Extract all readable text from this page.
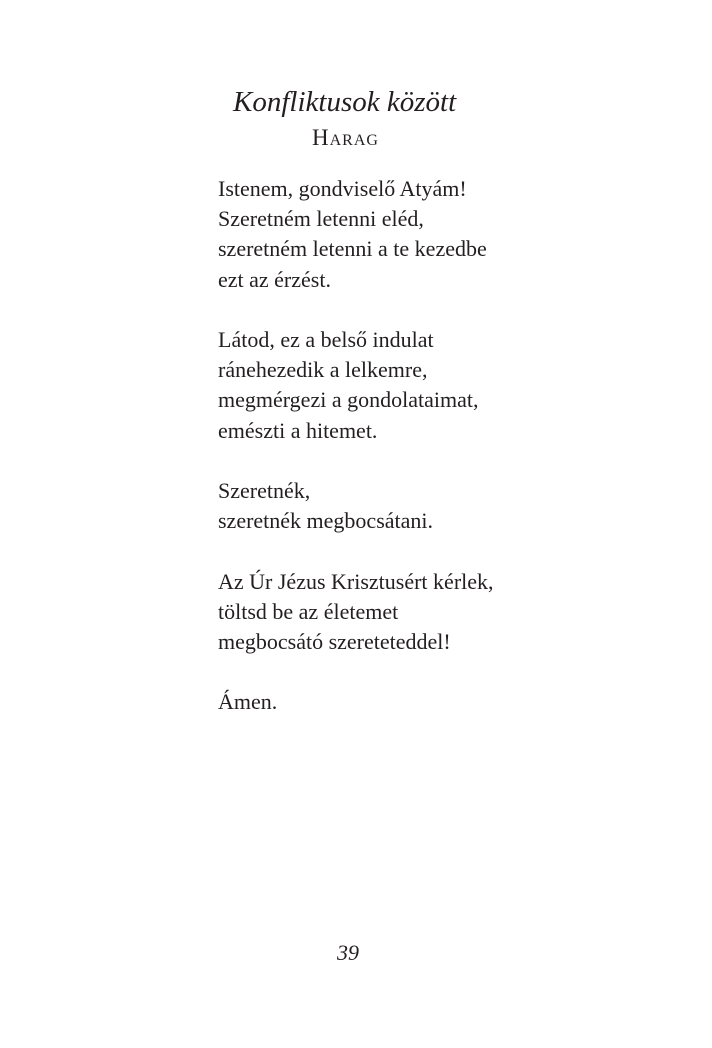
Konfliktusok között
Harag

Istenem, gondviselő Atyám!
Szeretném letenni eléd,
szeretném letenni a te kezedbe
ezt az érzést.

Látod, ez a belső indulat
ránehezedik a lelkemre,
megmérgezi a gondolataimat,
emészti a hitemet.

Szeretnék,
szeretnék megbocsátani.

Az Úr Jézus Krisztusért kérlek,
töltsd be az életemet
megbocsátó szereteteddel!

Ámen.

39
